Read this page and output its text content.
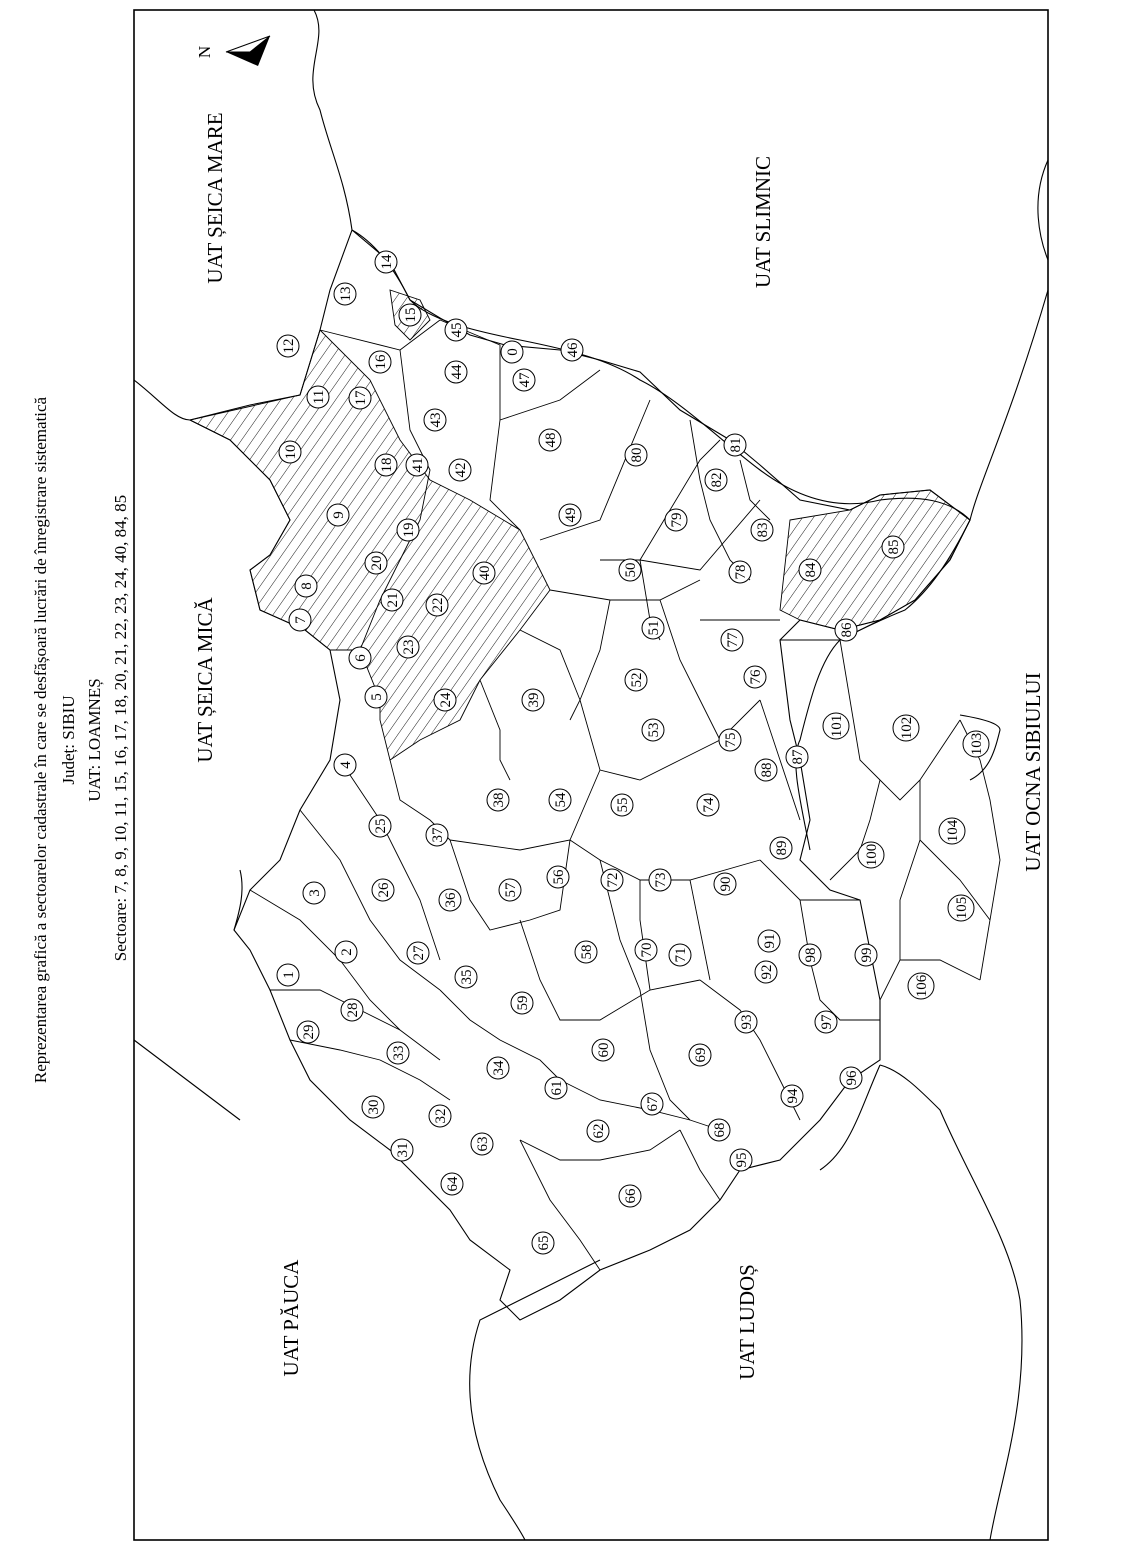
Reprezentarea grafică a sectoarelor cadastrale în care se desfășoară lucrări de înregistrare sistematică Județ: SIBIU UAT: LOAMNEȘ Sectoare: 7, 8, 9, 10, 11, 15, 16, 17, 18, 20, 21, 22, 23, 24, 40, 84, 85
N
0
1
2
3
4
5
6
7
8
9
10
11
12
13
14
15
16
17
18
19
20
21 22
23
24
25
26
27
28
29
30
31
32
33
34
35
36
37
38
39
40
41 42
43
44
45
46
47
48
49
50
51
52
53
54	55
56
57
58
59
60
61
62
63
64
65
66
67
68
69
70 71
72 73
74
75
76
77
78
79
80
81
82
83
84
85
86
87
88
89
90
91
92
93
94
95
96
97
98	99
100
101	102
103
104
105
106
UAT ȘEICA MARE	UAT SLIMNIC
UAT ȘEICA MICĂ	UAT OCNA SIBIULUI
UAT PĂUCA	UAT LUDOȘ
